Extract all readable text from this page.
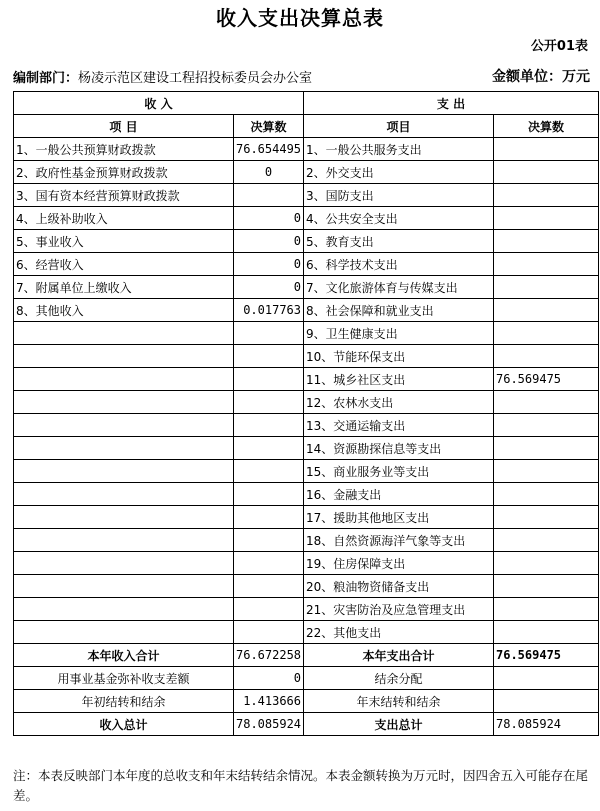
收入支出决算总表
公开01表
编制部门：杨凌示范区建设工程招投标委员会办公室	金额单位：万元
收 入		支 出	
项 目	决算数	项目	决算数
1、一般公共预算财政拨款	76.654495	1、一般公共服务支出	
2、政府性基金预算财政拨款	0	2、外交支出	
3、国有资本经营预算财政拨款		3、国防支出	
4、上级补助收入	0	4、公共安全支出	
5、事业收入	0	5、教育支出	
6、经营收入	0	6、科学技术支出	
7、附属单位上缴收入	0	7、文化旅游体育与传媒支出	
8、其他收入	0.017763	8、社会保障和就业支出	
		9、卫生健康支出	
		10、节能环保支出	
		11、城乡社区支出	76.569475
		12、农林水支出	
		13、交通运输支出	
		14、资源勘探信息等支出	
		15、商业服务业等支出	
		16、金融支出	
		17、援助其他地区支出	
		18、自然资源海洋气象等支出	
		19、住房保障支出	
		20、粮油物资储备支出	
		21、灾害防治及应急管理支出	
		22、其他支出	
本年收入合计	76.672258	本年支出合计	76.569475
用事业基金弥补收支差额	0	结余分配	
年初结转和结余	1.413666	年末结转和结余	
收入总计	78.085924	支出总计	78.085924
注：本表反映部门本年度的总收支和年末结转结余情况。本表金额转换为万元时，因四舍五入可能存在尾差。
